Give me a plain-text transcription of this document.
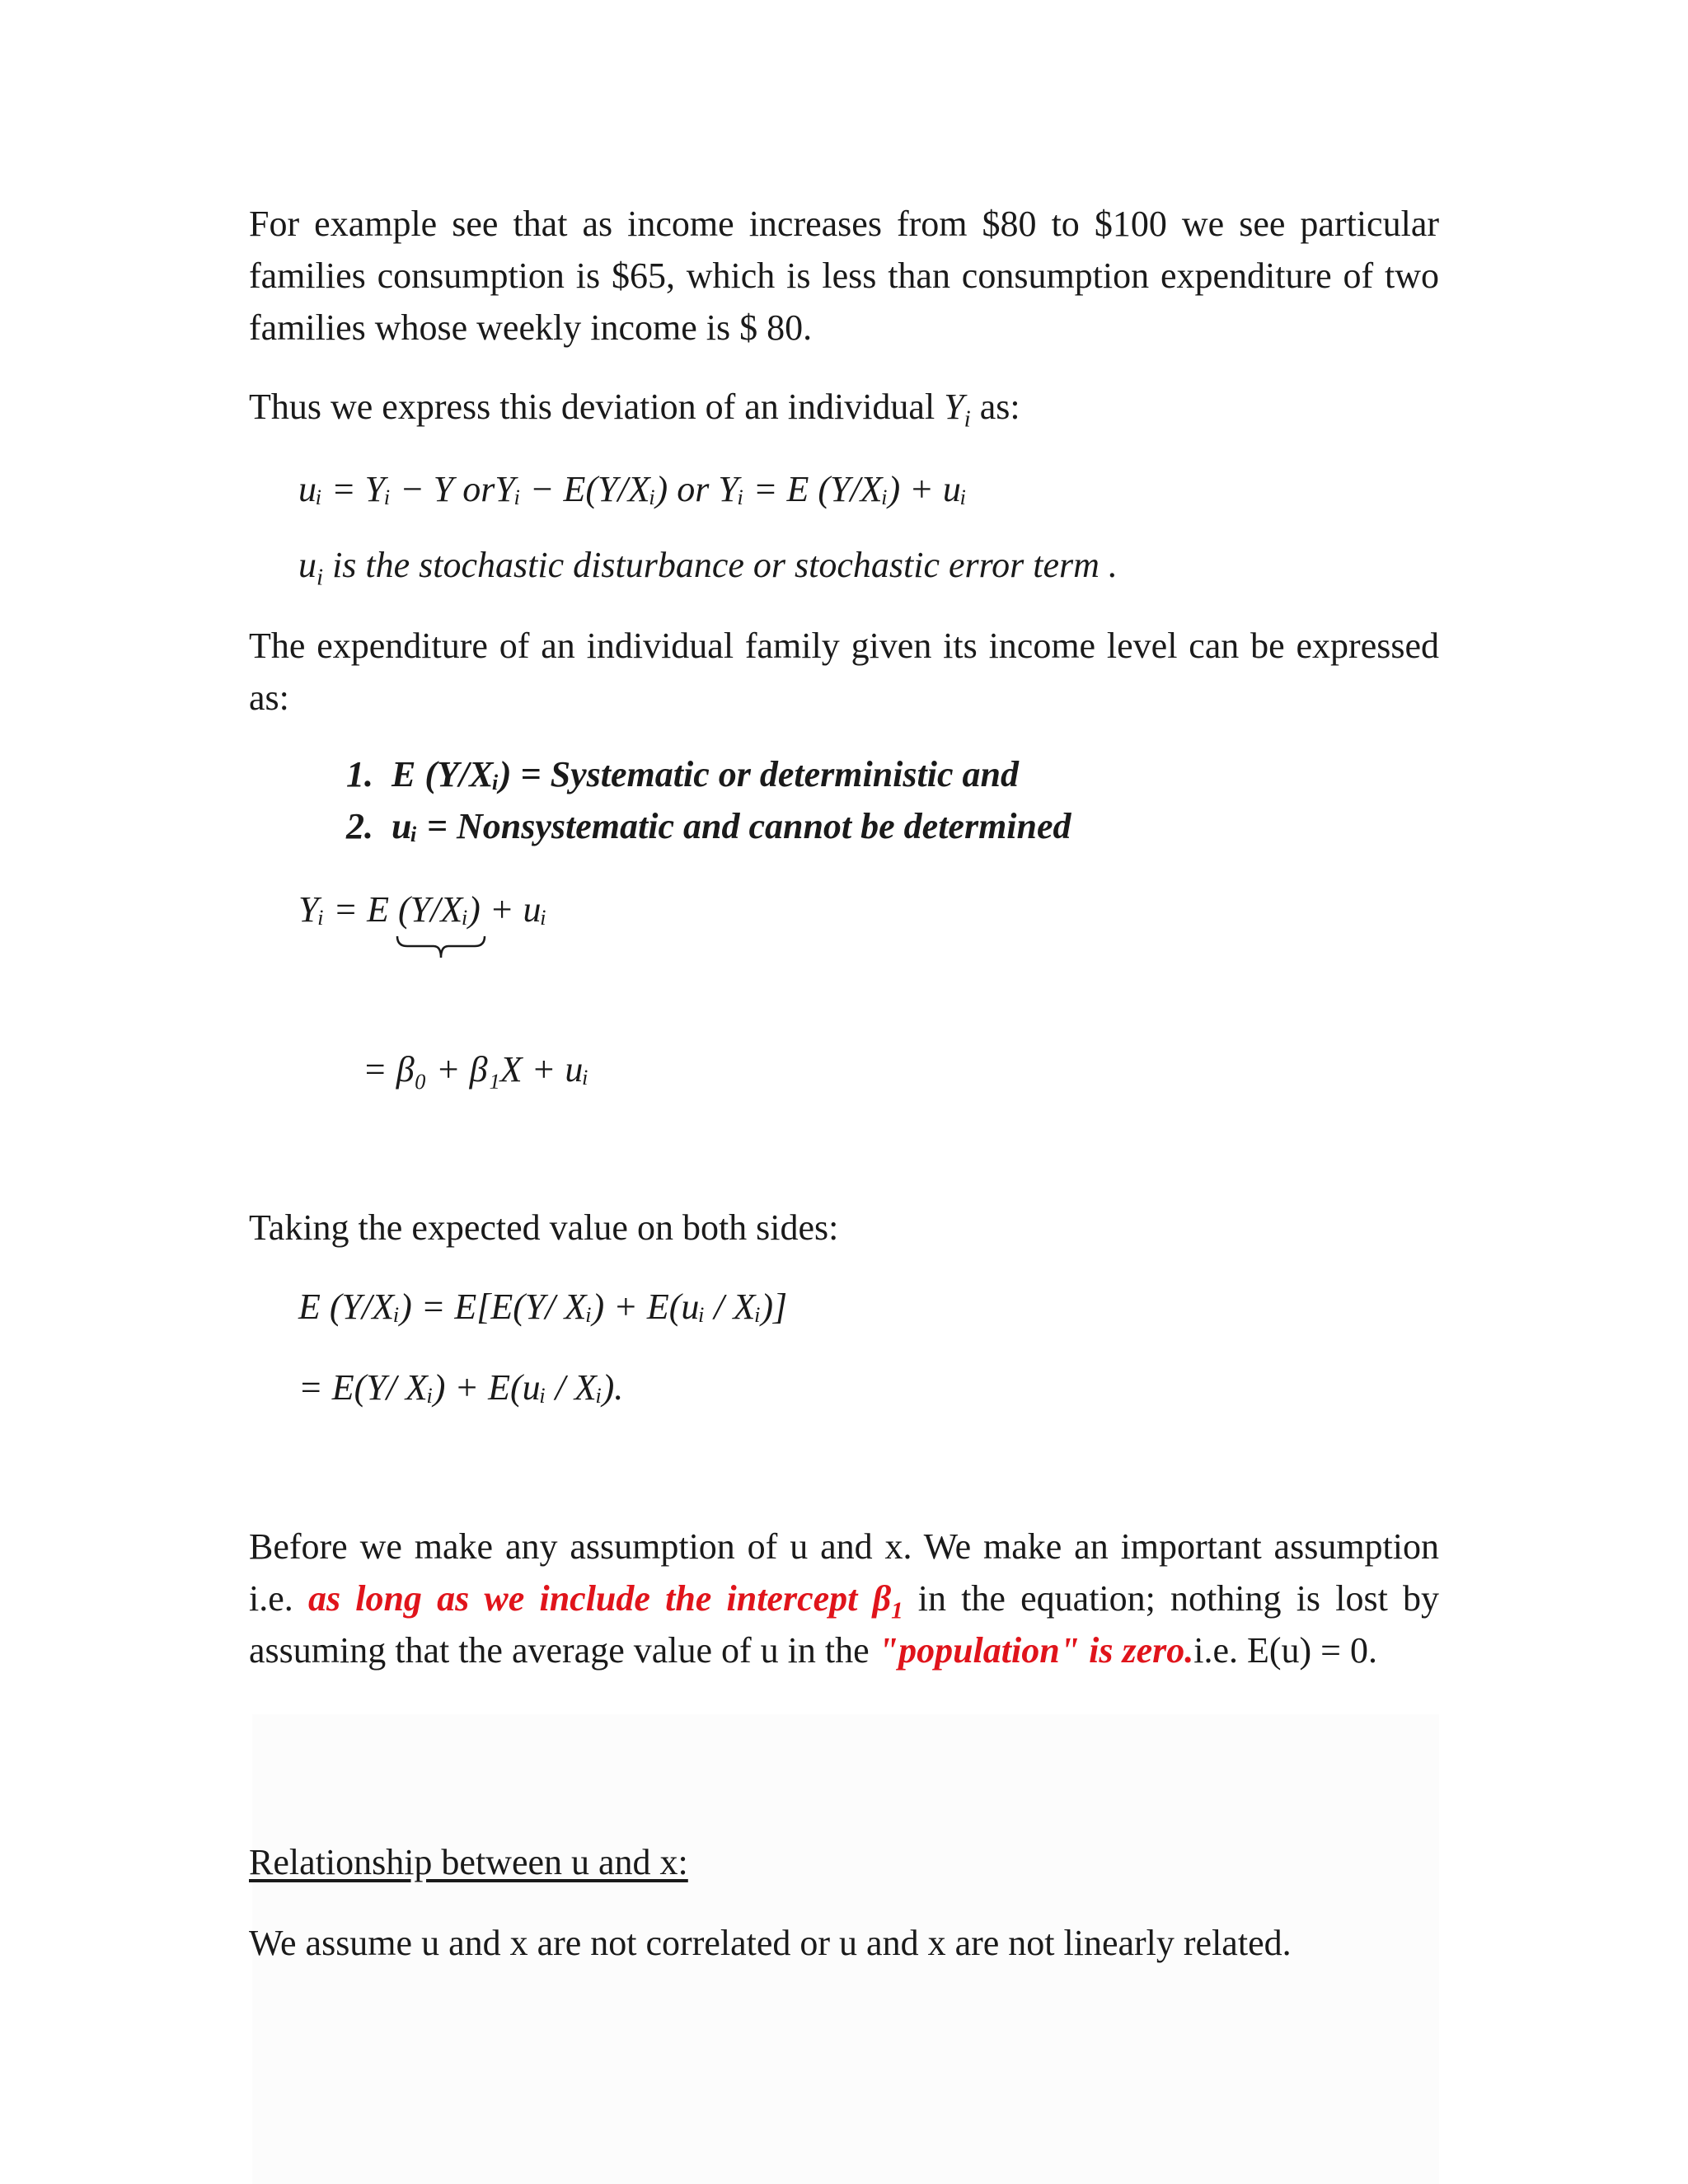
For example see that as income increases from $80 to $100 we see particular families consumption is $65, which is less than consumption expenditure of two families whose weekly income is $ 80.

Thus we express this deviation of an individual $Y_i$ as:

uᵢ = Yᵢ − Y orYᵢ − E(Y/Xᵢ) or Yᵢ = E (Y/Xᵢ) + uᵢ
$u_i$ is the stochastic disturbance or stochastic error term .

The expenditure of an individual family given its income level can be expressed as:

1. E (Y/Xᵢ) = Systematic or deterministic and
2. uᵢ = Nonsystematic and cannot be determined
Yᵢ = E (Y/Xᵢ) + uᵢ
= β₀ + β₁X + uᵢ

Taking the expected value on both sides:

E (Y/Xᵢ) = E[E(Y/ Xᵢ) + E(uᵢ / Xᵢ)]
= E(Y/ Xᵢ) + E(uᵢ / Xᵢ).

Before we make any assumption of u and x. We make an important assumption i.e. as long as we include the intercept $\beta_1$ in the equation; nothing is lost by assuming that the average value of u in the "population" is zero.i.e. E(u) = 0.

Relationship between u and x:

We assume u and x are not correlated or u and x are not linearly related.
